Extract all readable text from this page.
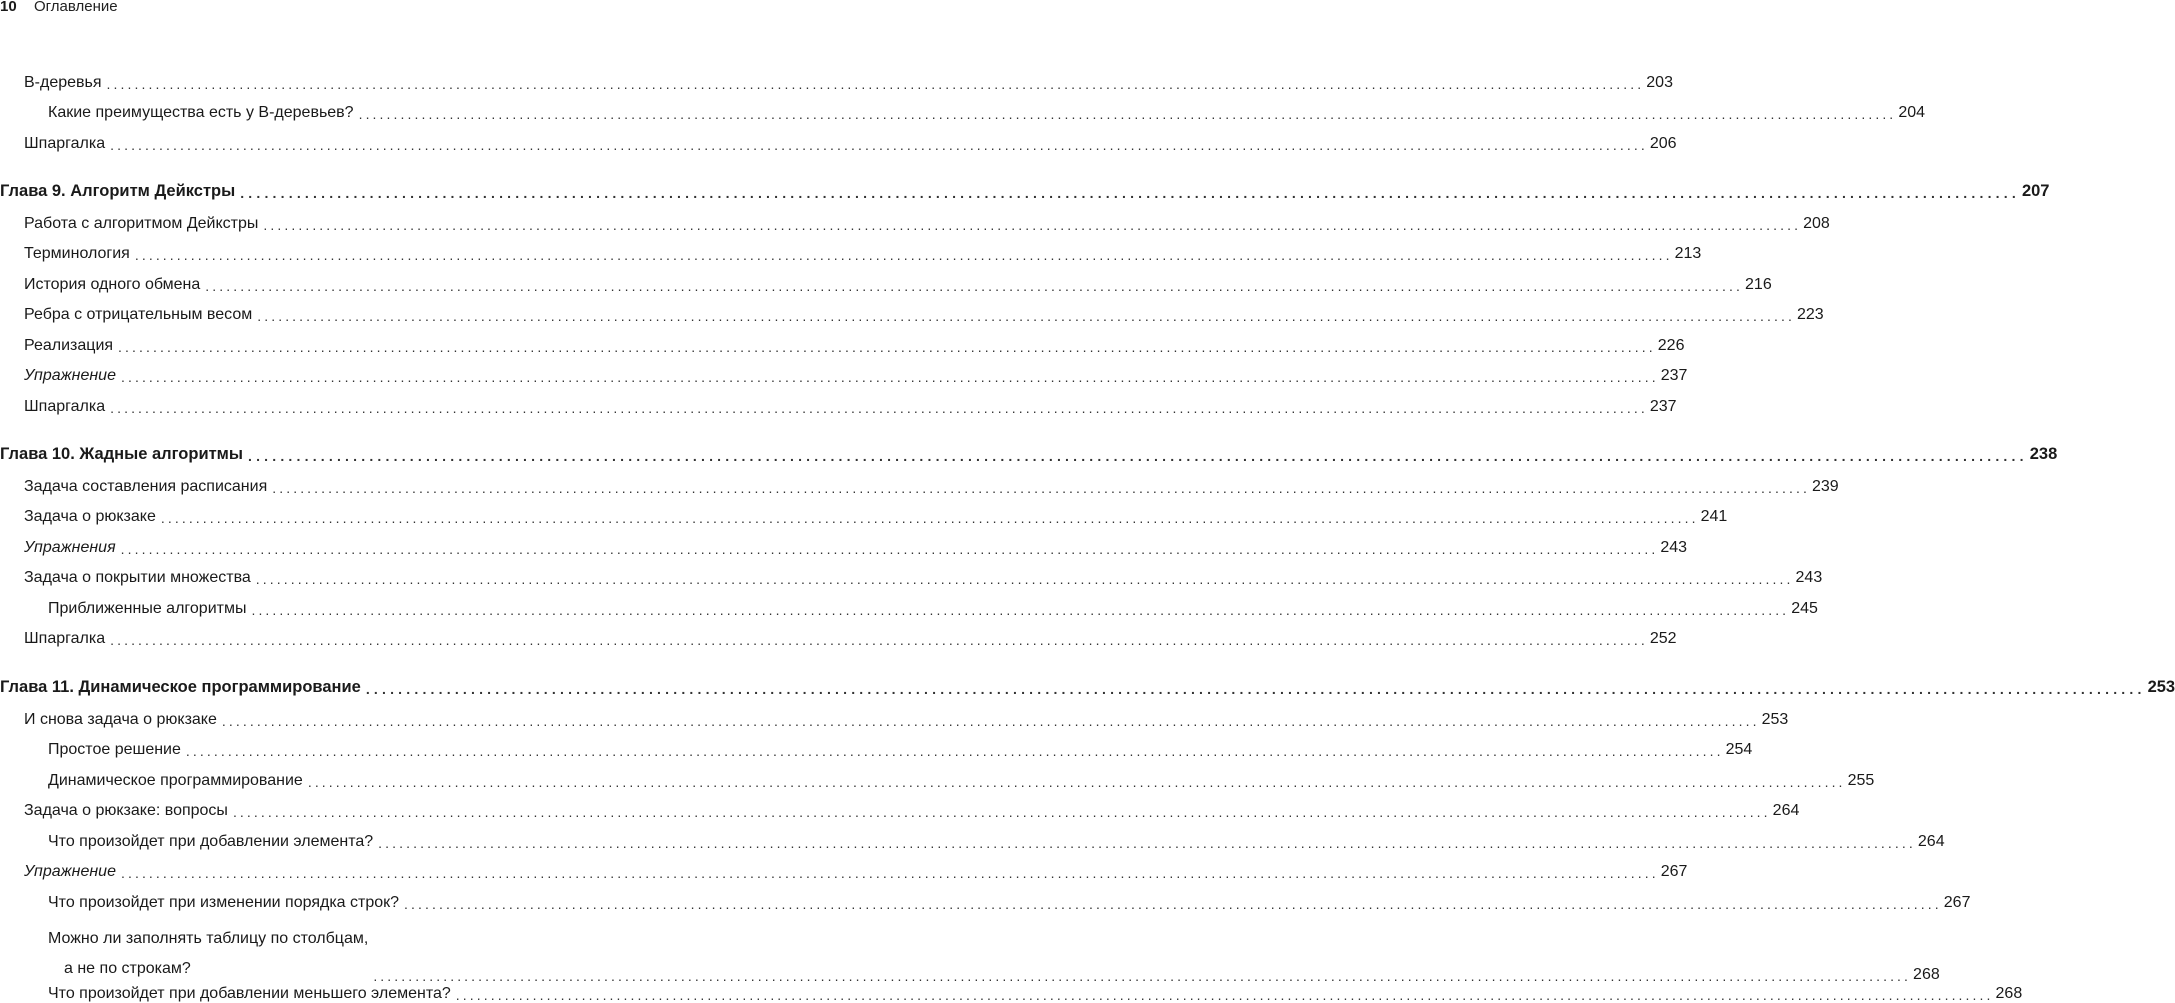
10	Оглавление
B-деревья ............................................................................................................................................................................................................................ 203
Какие преимущества есть у B-деревьев? ............................................................................................................................................................................................................................ 204
Шпаргалка ............................................................................................................................................................................................................................ 206
Глава 9. Алгоритм Дейкстры ............................................................................................................................................................................................................................ 207
Работа с алгоритмом Дейкстры ............................................................................................................................................................................................................................ 208
Терминология ............................................................................................................................................................................................................................ 213
История одного обмена ............................................................................................................................................................................................................................ 216
Ребра с отрицательным весом ............................................................................................................................................................................................................................ 223
Реализация ............................................................................................................................................................................................................................ 226
Упражнение ............................................................................................................................................................................................................................ 237
Шпаргалка ............................................................................................................................................................................................................................ 237
Глава 10. Жадные алгоритмы ............................................................................................................................................................................................................................ 238
Задача составления расписания ............................................................................................................................................................................................................................ 239
Задача о рюкзаке ............................................................................................................................................................................................................................ 241
Упражнения ............................................................................................................................................................................................................................ 243
Задача о покрытии множества ............................................................................................................................................................................................................................ 243
Приближенные алгоритмы ............................................................................................................................................................................................................................ 245
Шпаргалка ............................................................................................................................................................................................................................ 252
Глава 11. Динамическое программирование ............................................................................................................................................................................................................................ 253
И снова задача о рюкзаке ............................................................................................................................................................................................................................ 253
Простое решение ............................................................................................................................................................................................................................ 254
Динамическое программирование ............................................................................................................................................................................................................................ 255
Задача о рюкзаке: вопросы ............................................................................................................................................................................................................................ 264
Что произойдет при добавлении элемента? ............................................................................................................................................................................................................................ 264
Упражнение ............................................................................................................................................................................................................................ 267
Что произойдет при изменении порядка строк? ............................................................................................................................................................................................................................ 267
Можно ли заполнять таблицу по столбцам,
а не по строкам?	............................................................................................................................................................................................................................ 268
Что произойдет при добавлении меньшего элемента? ............................................................................................................................................................................................................................ 268
